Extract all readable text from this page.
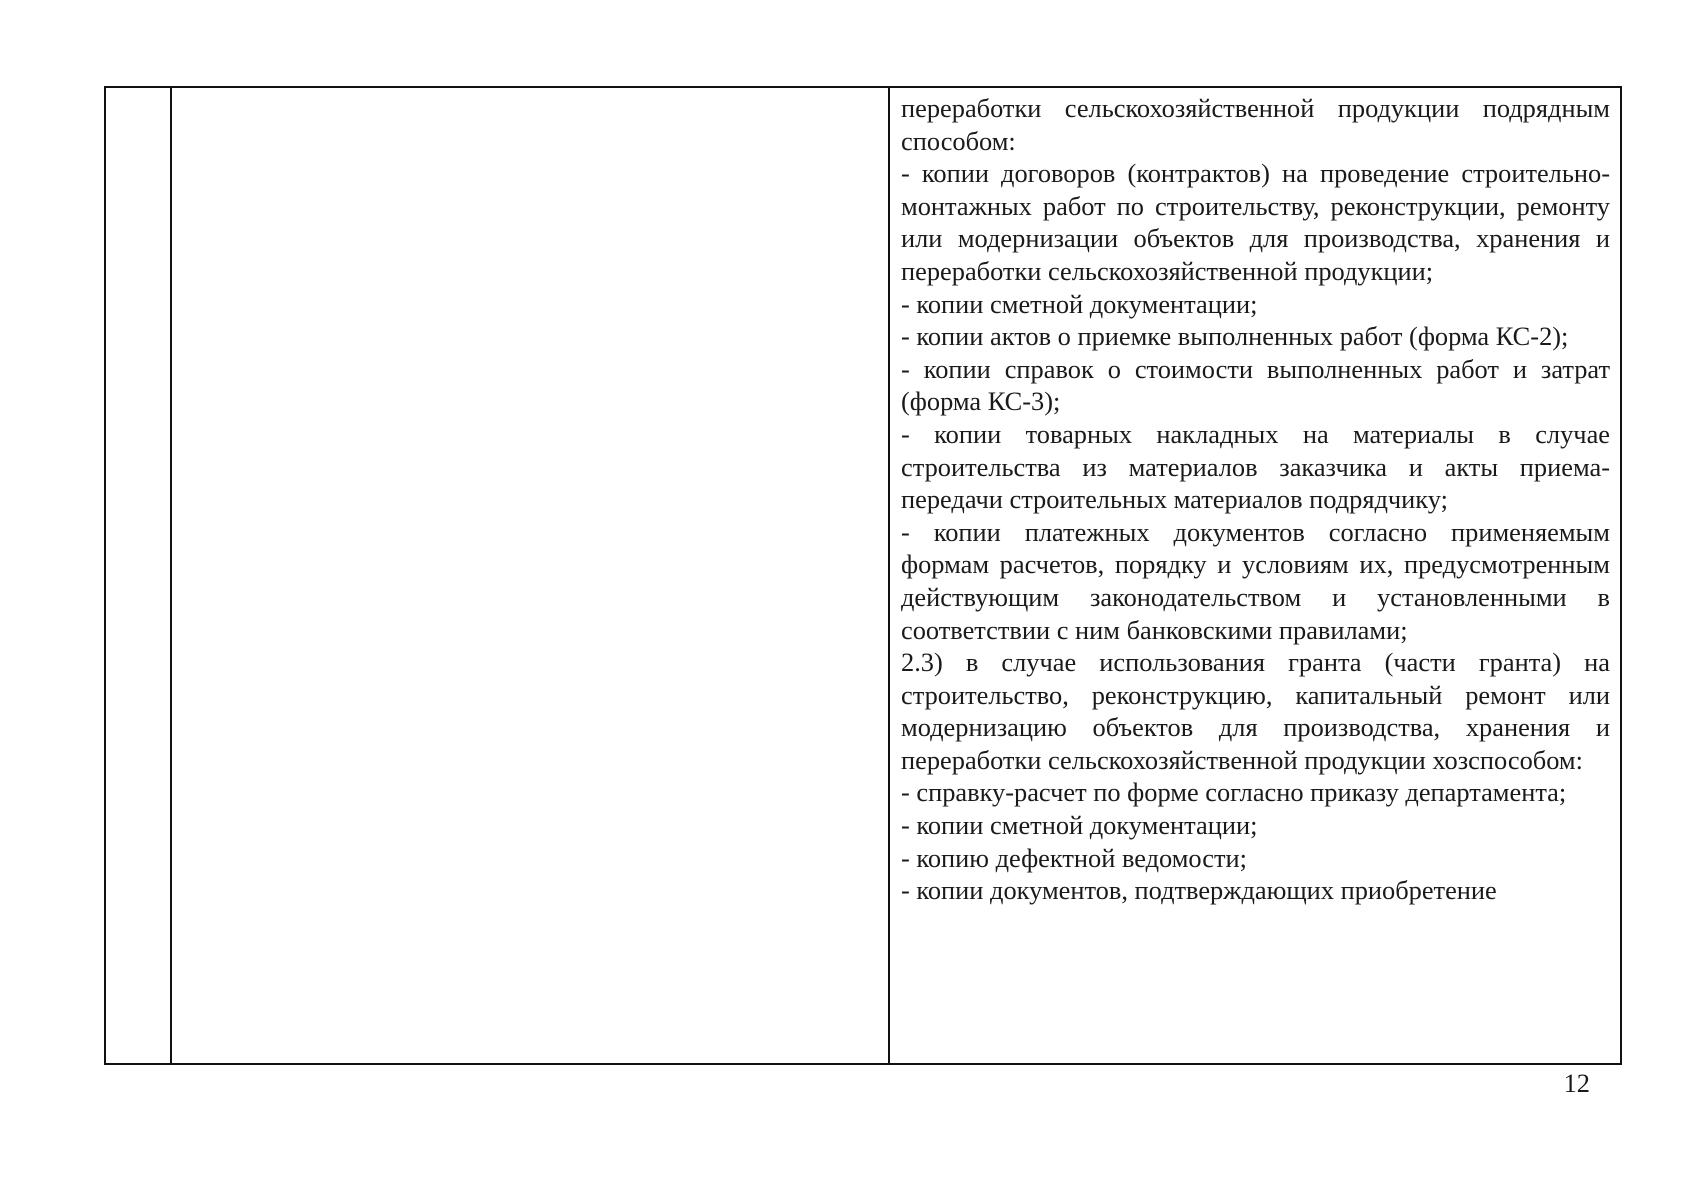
переработки сельскохозяйственной продукции подрядным способом:

- копии договоров (контрактов) на проведение строительно-монтажных работ по строительству, реконструкции, ремонту или модернизации объектов для производства, хранения и переработки сельскохозяйственной продукции;

- копии сметной документации;

- копии актов о приемке выполненных работ (форма КС-2);

- копии справок о стоимости выполненных работ и затрат (форма КС-3);

- копии товарных накладных на материалы в случае строительства из материалов заказчика и акты приема-передачи строительных материалов подрядчику;

- копии платежных документов согласно применяемым формам расчетов, порядку и условиям их, предусмотренным действующим законодательством и установленными в соответствии с ним банковскими правилами;

2.3) в случае использования гранта (части гранта) на строительство, реконструкцию, капитальный ремонт или модернизацию объектов для производства, хранения и переработки сельскохозяйственной продукции хозспособом:

- справку-расчет по форме согласно приказу департамента;

- копии сметной документации;

- копию дефектной ведомости;

- копии документов, подтверждающих приобретение

12
